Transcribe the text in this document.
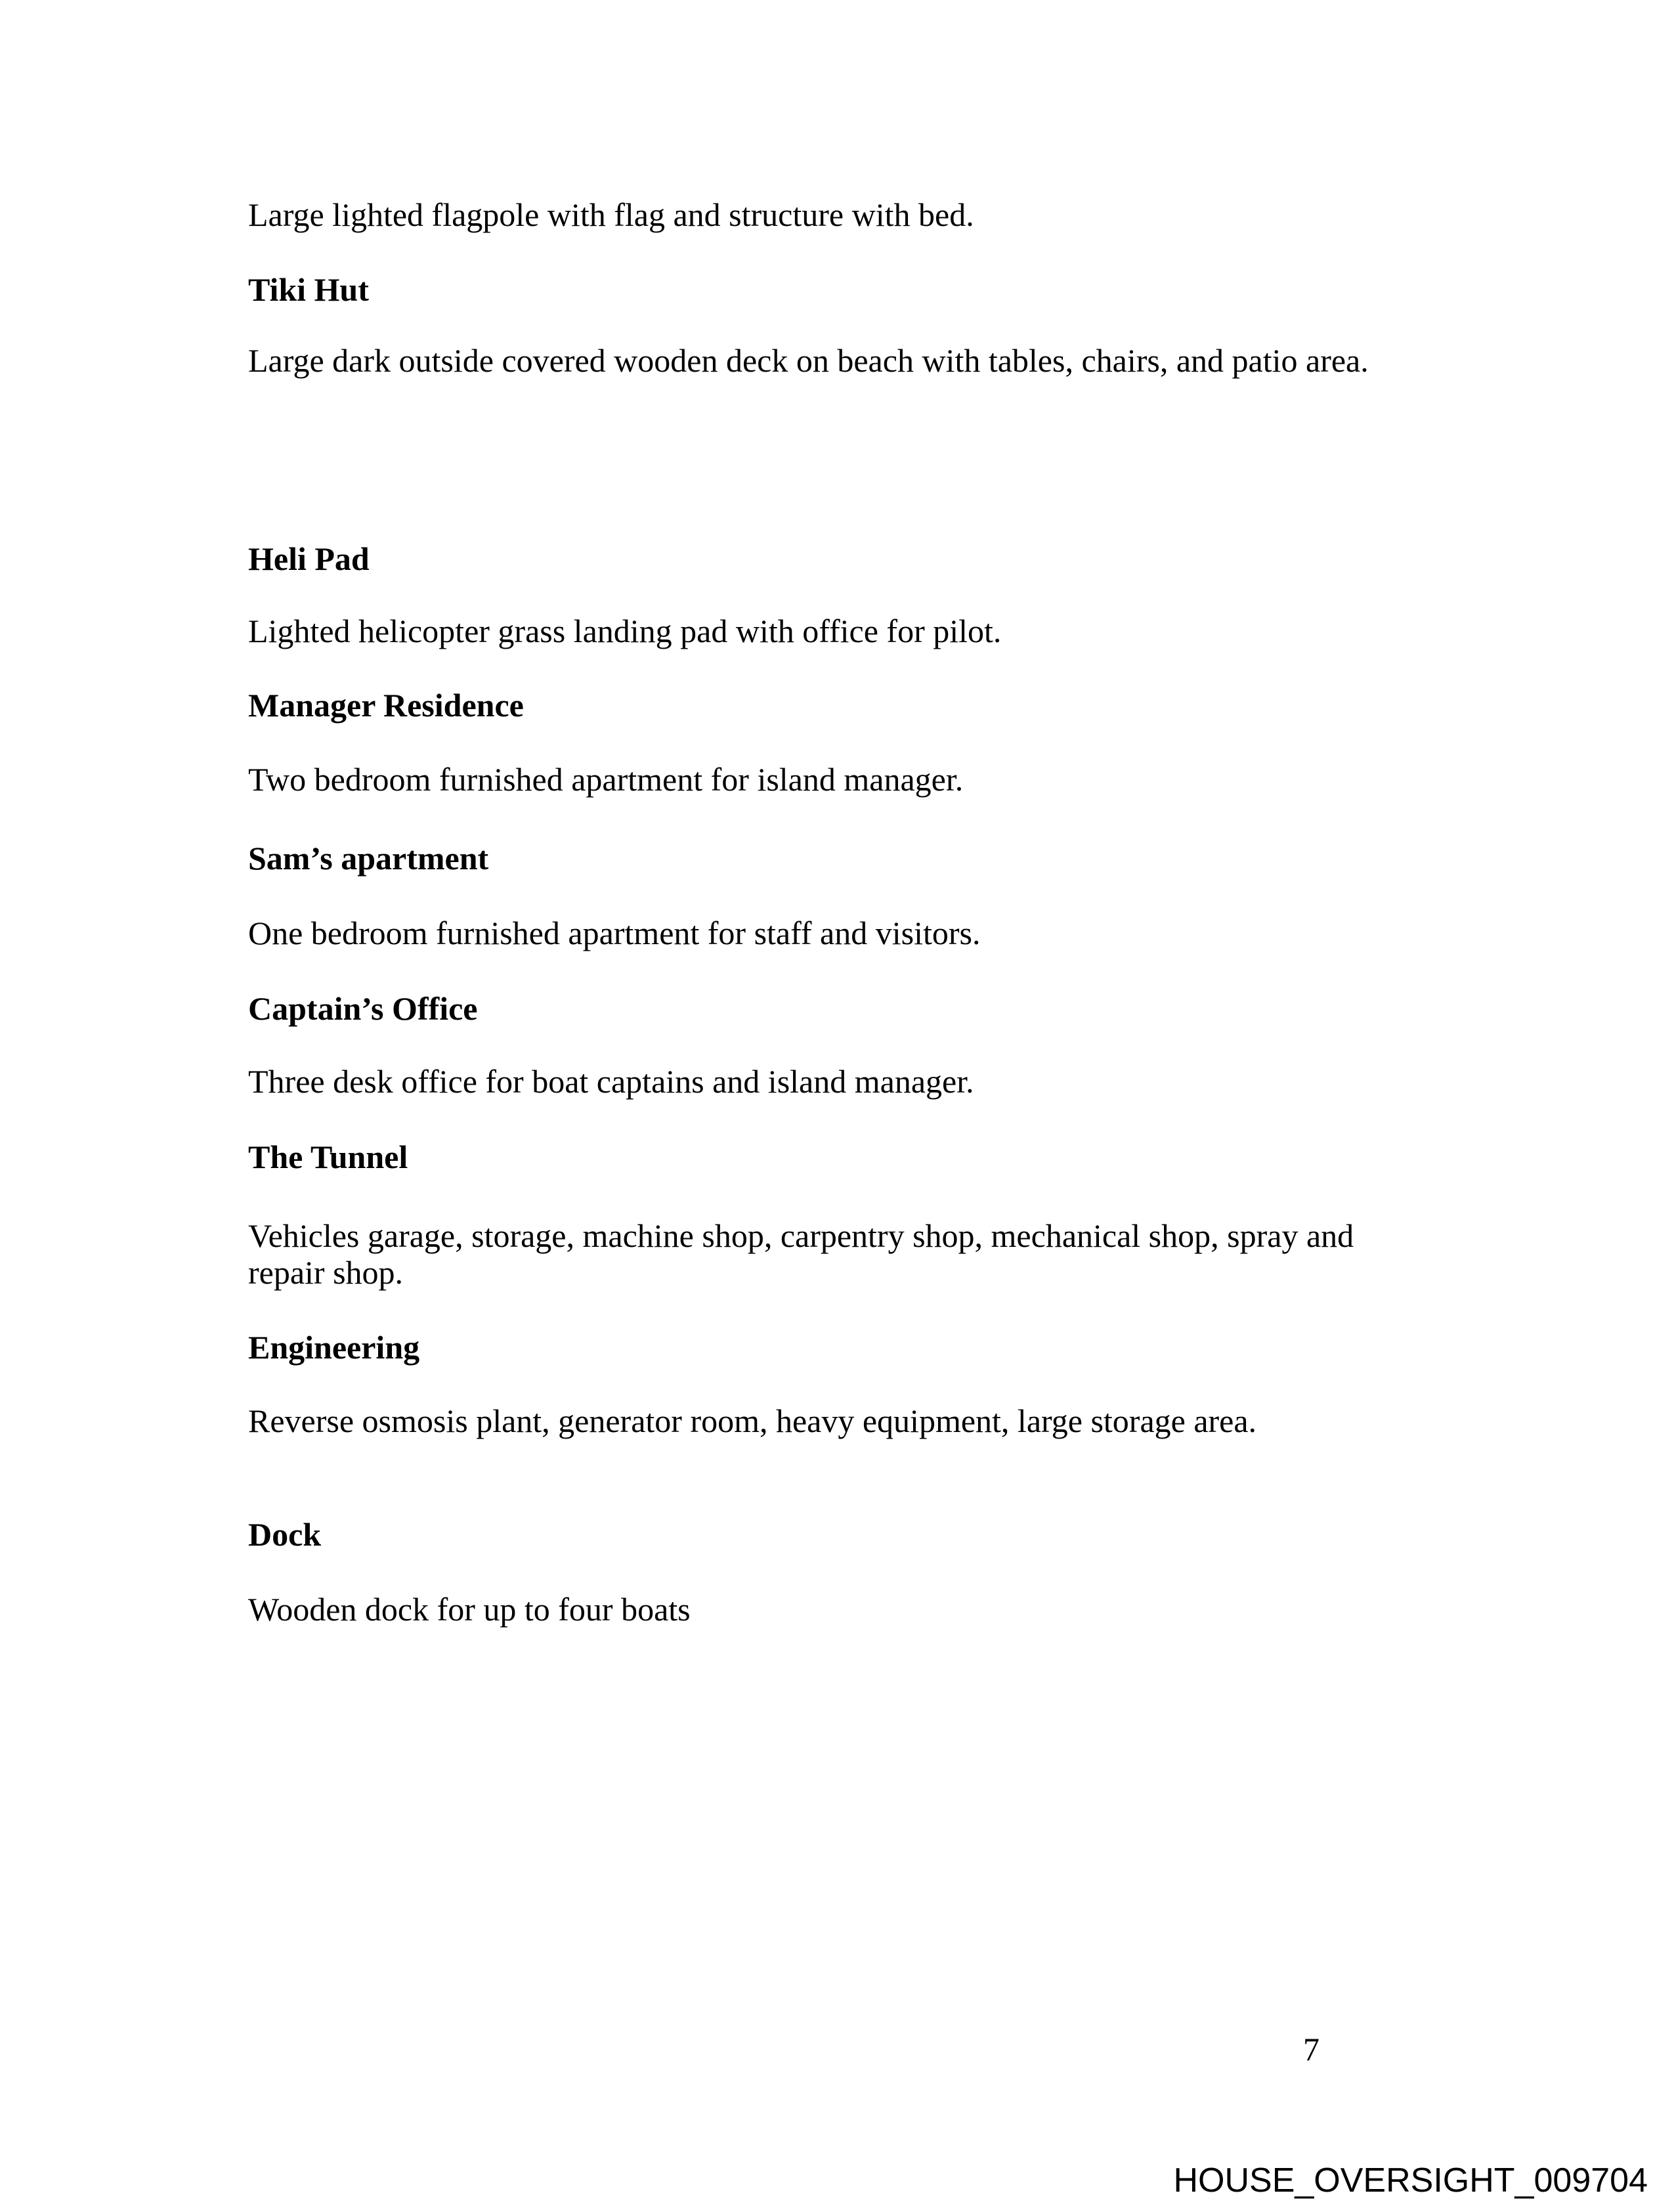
Large lighted flagpole with flag and structure with bed.
Tiki Hut
Large dark outside covered wooden deck on beach with tables, chairs, and patio area.
Heli Pad
Lighted helicopter grass landing pad with office for pilot.
Manager Residence
Two bedroom furnished apartment for island manager.
Sam’s apartment
One bedroom furnished apartment for staff and visitors.
Captain’s Office
Three desk office for boat captains and island manager.
The Tunnel
Vehicles garage, storage, machine shop, carpentry shop, mechanical shop, spray and repair shop.
Engineering
Reverse osmosis plant, generator room, heavy equipment, large storage area.
Dock
Wooden dock for up to four boats
7
HOUSE_OVERSIGHT_009704
